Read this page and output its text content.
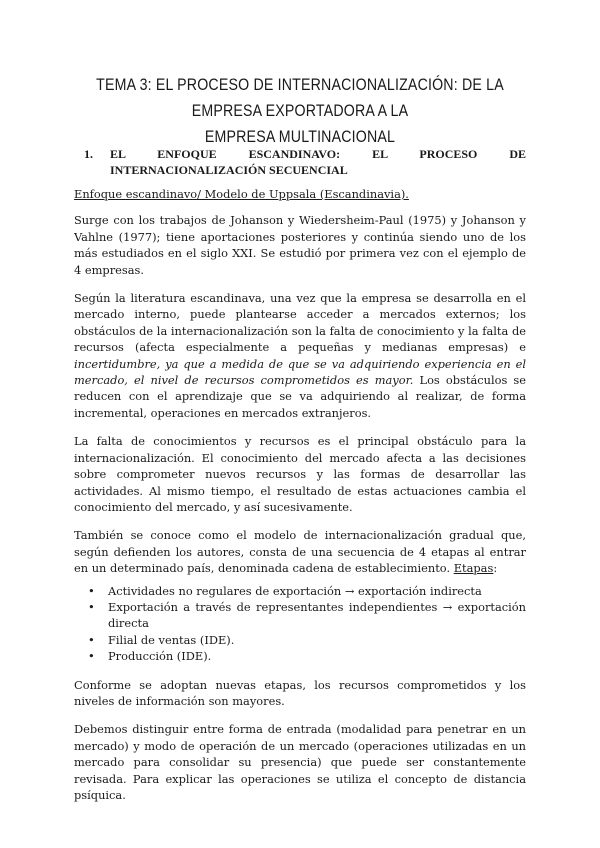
TEMA 3: EL PROCESO DE INTERNACIONALIZACIÓN: DE LA EMPRESA EXPORTADORA A LA
EMPRESA MULTINACIONAL
1. EL ENFOQUE ESCANDINAVO: EL PROCESO DE
INTERNACIONALIZACIÓN SECUENCIAL

Enfoque escandinavo/ Modelo de Uppsala (Escandinavia).

Surge con los trabajos de Johanson y Wiedersheim-Paul (1975) y Johanson y Vahlne (1977); tiene aportaciones posteriores y continúa siendo uno de los más estudiados en el siglo XXI. Se estudió por primera vez con el ejemplo de 4 empresas.

Según la literatura escandinava, una vez que la empresa se desarrolla en el mercado interno, puede plantearse acceder a mercados externos; los obstáculos de la internacionalización son la falta de conocimiento y la falta de recursos (afecta especialmente a pequeñas y medianas empresas) e incertidumbre, ya que a medida de que se va adquiriendo experiencia en el mercado, el nivel de recursos comprometidos es mayor. Los obstáculos se reducen con el aprendizaje que se va adquiriendo al realizar, de forma incremental, operaciones en mercados extranjeros.

La falta de conocimientos y recursos es el principal obstáculo para la internacionalización. El conocimiento del mercado afecta a las decisiones sobre comprometer nuevos recursos y las formas de desarrollar las actividades. Al mismo tiempo, el resultado de estas actuaciones cambia el conocimiento del mercado, y así sucesivamente.

También se conoce como el modelo de internacionalización gradual que, según defienden los autores, consta de una secuencia de 4 etapas al entrar en un determinado país, denominada cadena de establecimiento. Etapas:

• Actividades no regulares de exportación → exportación indirecta
• Exportación a través de representantes independientes → exportación directa
• Filial de ventas (IDE).
• Producción (IDE).

Conforme se adoptan nuevas etapas, los recursos comprometidos y los niveles de información son mayores.

Debemos distinguir entre forma de entrada (modalidad para penetrar en un mercado) y modo de operación de un mercado (operaciones utilizadas en un mercado para consolidar su presencia) que puede ser constantemente revisada. Para explicar las operaciones se utiliza el concepto de distancia psíquica.
